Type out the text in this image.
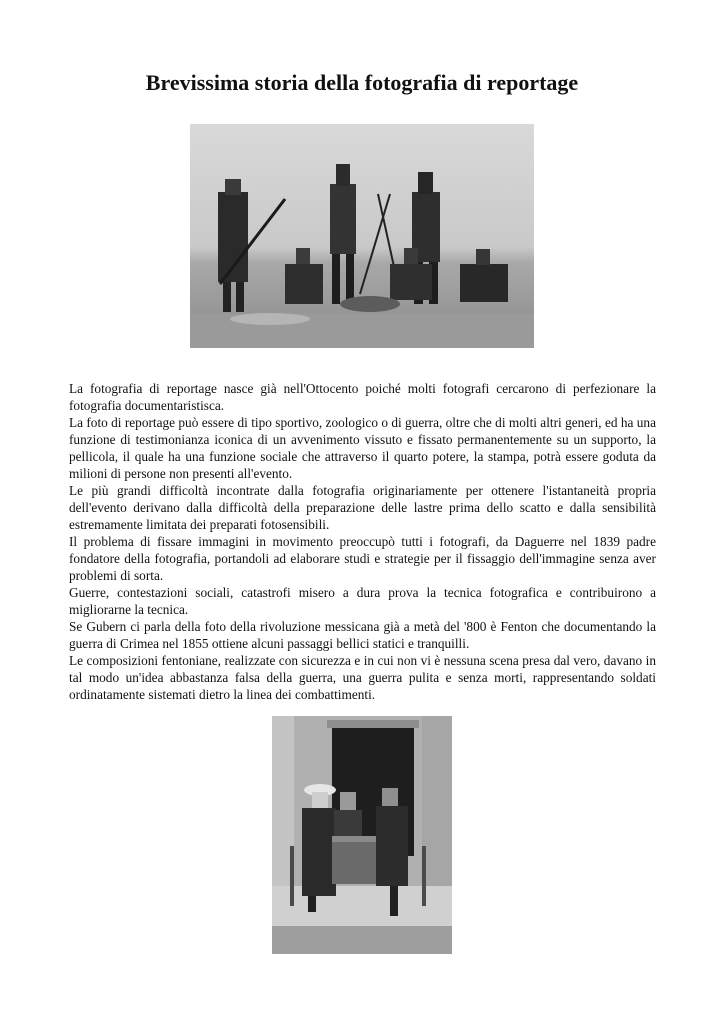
Brevissima storia della fotografia di reportage

La fotografia di reportage nasce già nell'Ottocento poiché molti fotografi cercarono di perfezionare la fotografia documentaristisca.

La foto di reportage può essere di tipo sportivo, zoologico o di guerra, oltre che di molti altri generi, ed ha una funzione di testimonianza iconica di un avvenimento vissuto e fissato permanentemente su un supporto, la pellicola, il quale ha una funzione sociale che attraverso il quarto potere, la stampa, potrà essere goduta da milioni di persone non presenti all'evento.

Le più grandi difficoltà incontrate dalla fotografia originariamente per ottenere l'istantaneità propria dell'evento derivano dalla difficoltà della preparazione delle lastre prima dello scatto e dalla sensibilità estremamente limitata dei preparati fotosensibili.

Il problema di fissare immagini in movimento preoccupò tutti i fotografi, da Daguerre nel 1839 padre fondatore della fotografia, portandoli ad elaborare studi e strategie per il fissaggio dell'immagine senza aver problemi di sorta.

Guerre, contestazioni sociali, catastrofi misero a dura prova la tecnica fotografica e contribuirono a migliorarne la tecnica.

Se Gubern ci parla della foto della rivoluzione messicana già a metà del '800 è Fenton che documentando la guerra di Crimea nel 1855 ottiene alcuni passaggi bellici statici e tranquilli.

Le composizioni fentoniane, realizzate con sicurezza e in cui non vi è nessuna scena presa dal vero, davano in tal modo un'idea abbastanza falsa della guerra, una guerra pulita e senza morti, rappresentando soldati ordinatamente sistemati dietro la linea dei combattimenti.
